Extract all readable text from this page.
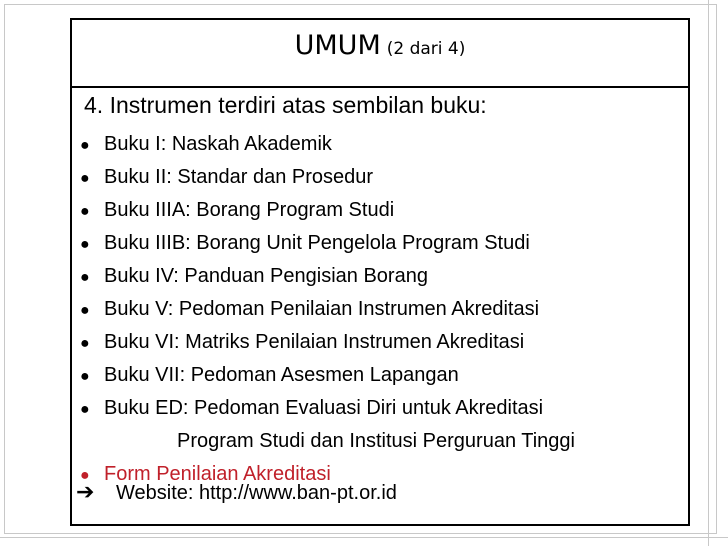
UMUM (2 dari 4)
4. Instrumen terdiri atas sembilan buku:
● Buku I: Naskah Akademik
● Buku II: Standar dan Prosedur
● Buku IIIA: Borang Program Studi
● Buku IIIB: Borang Unit Pengelola Program Studi
● Buku IV: Panduan Pengisian Borang
● Buku V: Pedoman Penilaian Instrumen Akreditasi
● Buku VI: Matriks Penilaian Instrumen Akreditasi
● Buku VII: Pedoman Asesmen Lapangan
● Buku ED: Pedoman Evaluasi Diri untuk Akreditasi
Program Studi dan Institusi Perguruan Tinggi
● Form Penilaian Akreditasi
➔ Website: http://www.ban-pt.or.id
